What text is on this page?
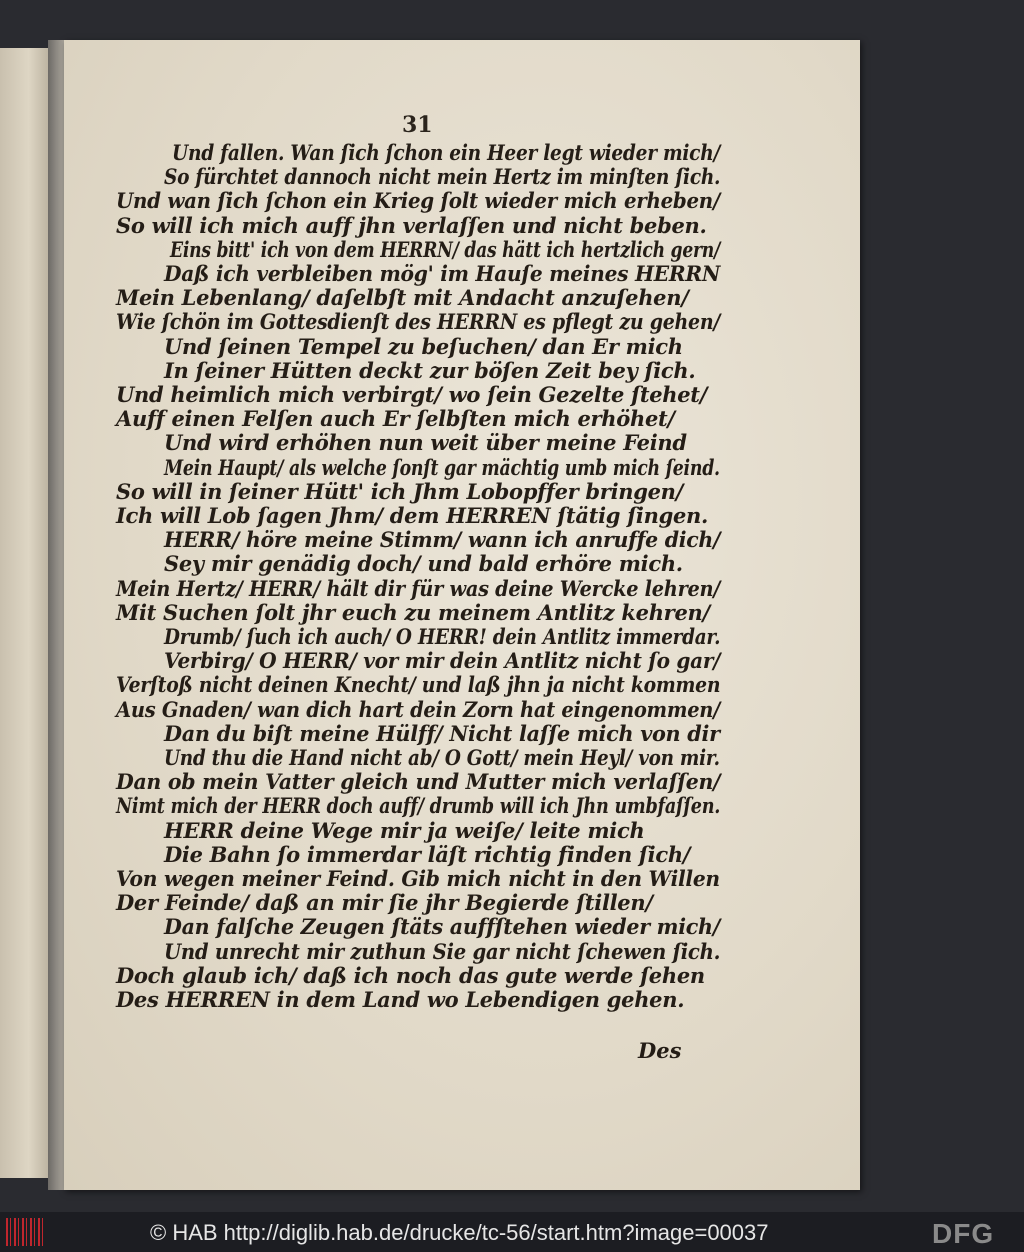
31
Und fallen. Wan ſich ſchon ein Heer legt wieder mich/
So fürchtet dannoch nicht mein Hertz im minſten ſich.
Und wan ſich ſchon ein Krieg ſolt wieder mich erheben/
So will ich mich auff jhn verlaſſen und nicht beben.
Eins bitt' ich von dem HERRN/ das hätt ich hertzlich gern/
Daß ich verbleiben mög' im Hauſe meines HERRN
Mein Lebenlang/ daſelbſt mit Andacht anzuſehen/
Wie ſchön im Gottesdienſt des HERRN es pflegt zu gehen/
Und ſeinen Tempel zu beſuchen/ dan Er mich
In ſeiner Hütten deckt zur böſen Zeit bey ſich.
Und heimlich mich verbirgt/ wo ſein Gezelte ſtehet/
Auff einen Felſen auch Er ſelbſten mich erhöhet/
Und wird erhöhen nun weit über meine Feind
Mein Haupt/ als welche ſonſt gar mächtig umb mich ſeind.
So will in ſeiner Hütt' ich Jhm Lobopffer bringen/
Ich will Lob ſagen Jhm/ dem HERREN ſtätig ſingen.
HERR/ höre meine Stimm/ wann ich anruffe dich/
Sey mir genädig doch/ und bald erhöre mich.
Mein Hertz/ HERR/ hält dir für was deine Wercke lehren/
Mit Suchen ſolt jhr euch zu meinem Antlitz kehren/
Drumb/ ſuch ich auch/ O HERR! dein Antlitz immerdar.
Verbirg/ O HERR/ vor mir dein Antlitz nicht ſo gar/
Verſtoß nicht deinen Knecht/ und laß jhn ja nicht kommen
Aus Gnaden/ wan dich hart dein Zorn hat eingenommen/
Dan du biſt meine Hülff/ Nicht laſſe mich von dir
Und thu die Hand nicht ab/ O Gott/ mein Heyl/ von mir.
Dan ob mein Vatter gleich und Mutter mich verlaſſen/
Nimt mich der HERR doch auff/ drumb will ich Jhn umbfaſſen.
HERR deine Wege mir ja weiſe/ leite mich
Die Bahn ſo immerdar läſt richtig finden ſich/
Von wegen meiner Feind. Gib mich nicht in den Willen
Der Feinde/ daß an mir ſie jhr Begierde ſtillen/
Dan falſche Zeugen ſtäts auffſtehen wieder mich/
Und unrecht mir zuthun Sie gar nicht ſchewen ſich.
Doch glaub ich/ daß ich noch das gute werde ſehen
Des HERREN in dem Land wo Lebendigen gehen.
Des
© HAB http://diglib.hab.de/drucke/tc-56/start.htm?image=00037	DFG
